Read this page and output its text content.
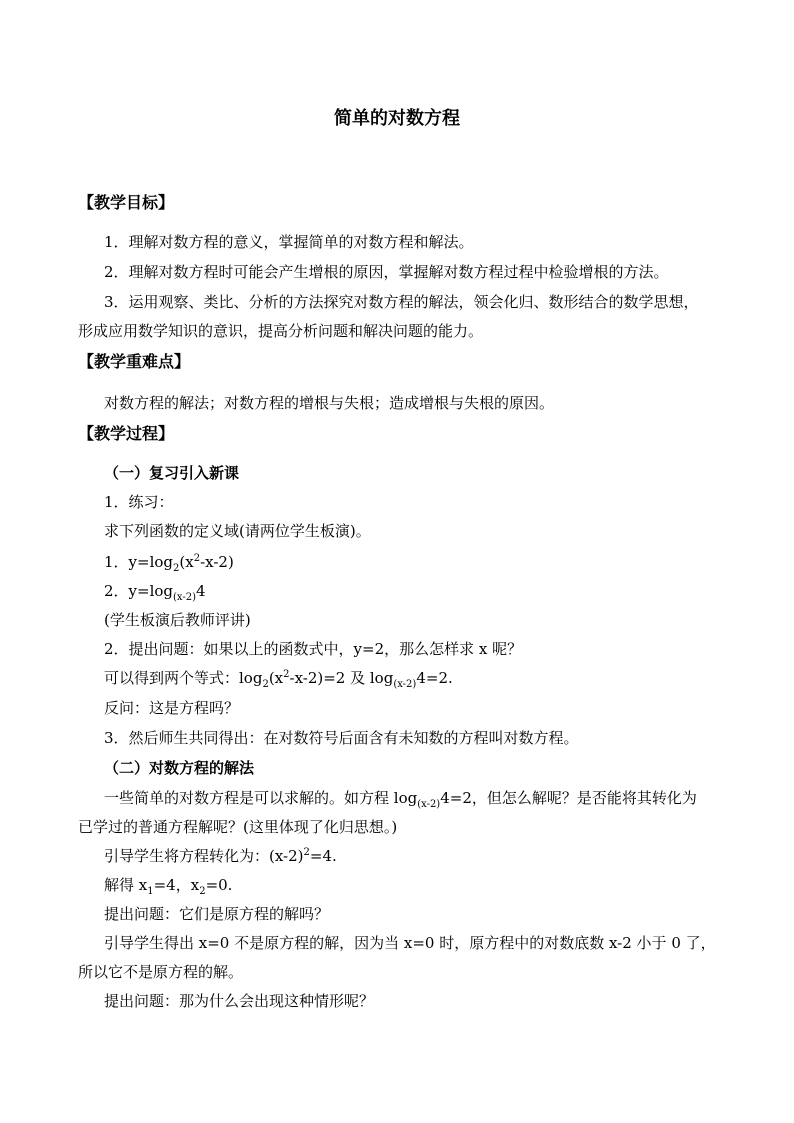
简单的对数方程
【教学目标】
1．理解对数方程的意义，掌握简单的对数方程和解法。
2．理解对数方程时可能会产生增根的原因，掌握解对数方程过程中检验增根的方法。
3．运用观察、类比、分析的方法探究对数方程的解法，领会化归、数形结合的数学思想，
形成应用数学知识的意识，提高分析问题和解决问题的能力。
【教学重难点】
对数方程的解法；对数方程的增根与失根；造成增根与失根的原因。
【教学过程】
（一）复习引入新课
1．练习：
求下列函数的定义域(请两位学生板演)。
1．$y=\log_2(x^2-x-2)$
2．$y=\log_{(x-2)}4$
(学生板演后教师评讲)
2．提出问题：如果以上的函数式中，y=2，那么怎样求 x 呢？
可以得到两个等式：$\log_2(x^2-x-2)=2$ 及 $\log_{(x-2)}4=2$.
反问：这是方程吗？
3．然后师生共同得出：在对数符号后面含有未知数的方程叫对数方程。
（二）对数方程的解法
一些简单的对数方程是可以求解的。如方程 $\log_{(x-2)}4=2$，但怎么解呢？是否能将其转化为
已学过的普通方程解呢？(这里体现了化归思想。)
引导学生将方程转化为：$(x-2)^2=4$.
解得 $x_1=4$，$x_2=0$.
提出问题：它们是原方程的解吗？
引导学生得出 x=0 不是原方程的解，因为当 x=0 时，原方程中的对数底数 x-2 小于 0 了，
所以它不是原方程的解。
提出问题：那为什么会出现这种情形呢？
